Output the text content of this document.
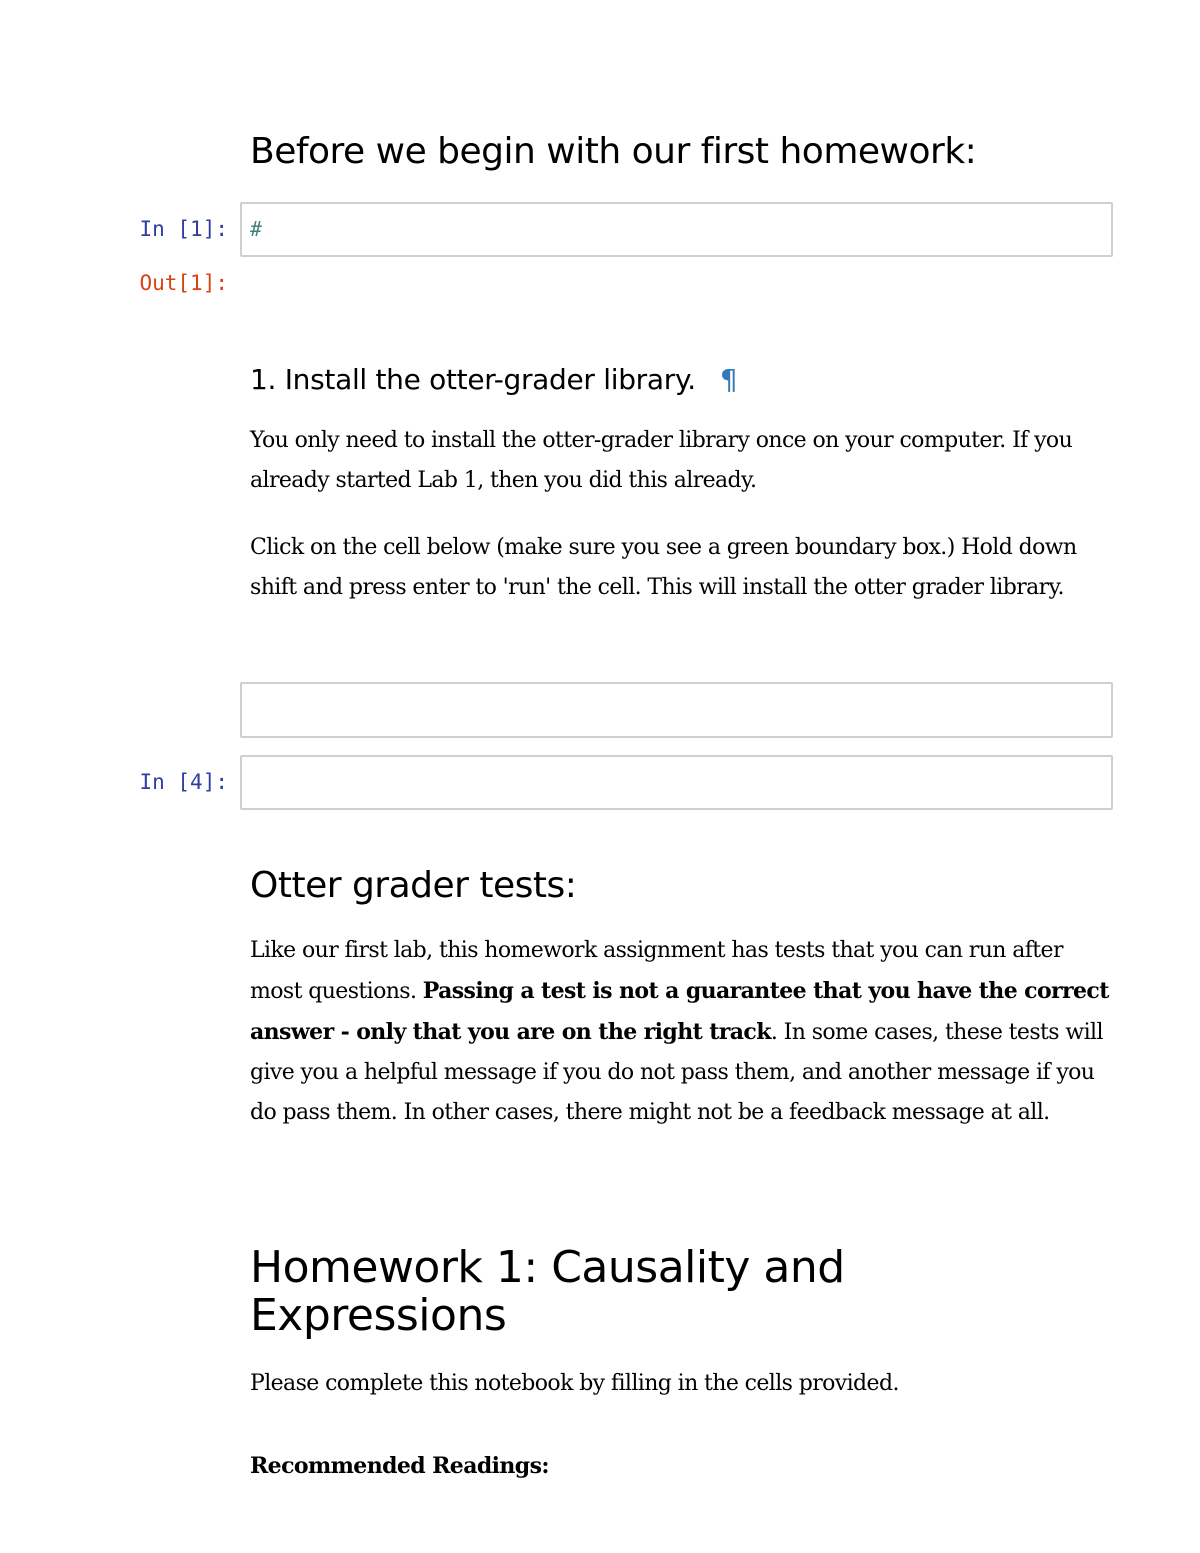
Before we begin with our first homework:
In [1]:	#
Out[1]:
1. Install the otter-grader library. ¶

You only need to install the otter-grader library once on your computer. If you already started Lab 1, then you did this already.

Click on the cell below (make sure you see a green boundary box.) Hold down shift and press enter to 'run' the cell. This will install the otter grader library.

In [4]:
Otter grader tests:

Like our first lab, this homework assignment has tests that you can run after most questions. Passing a test is not a guarantee that you have the correct answer - only that you are on the right track. In some cases, these tests will give you a helpful message if you do not pass them, and another message if you do pass them. In other cases, there might not be a feedback message at all.

Homework 1: Causality and
Expressions

Please complete this notebook by filling in the cells provided.

Recommended Readings:
